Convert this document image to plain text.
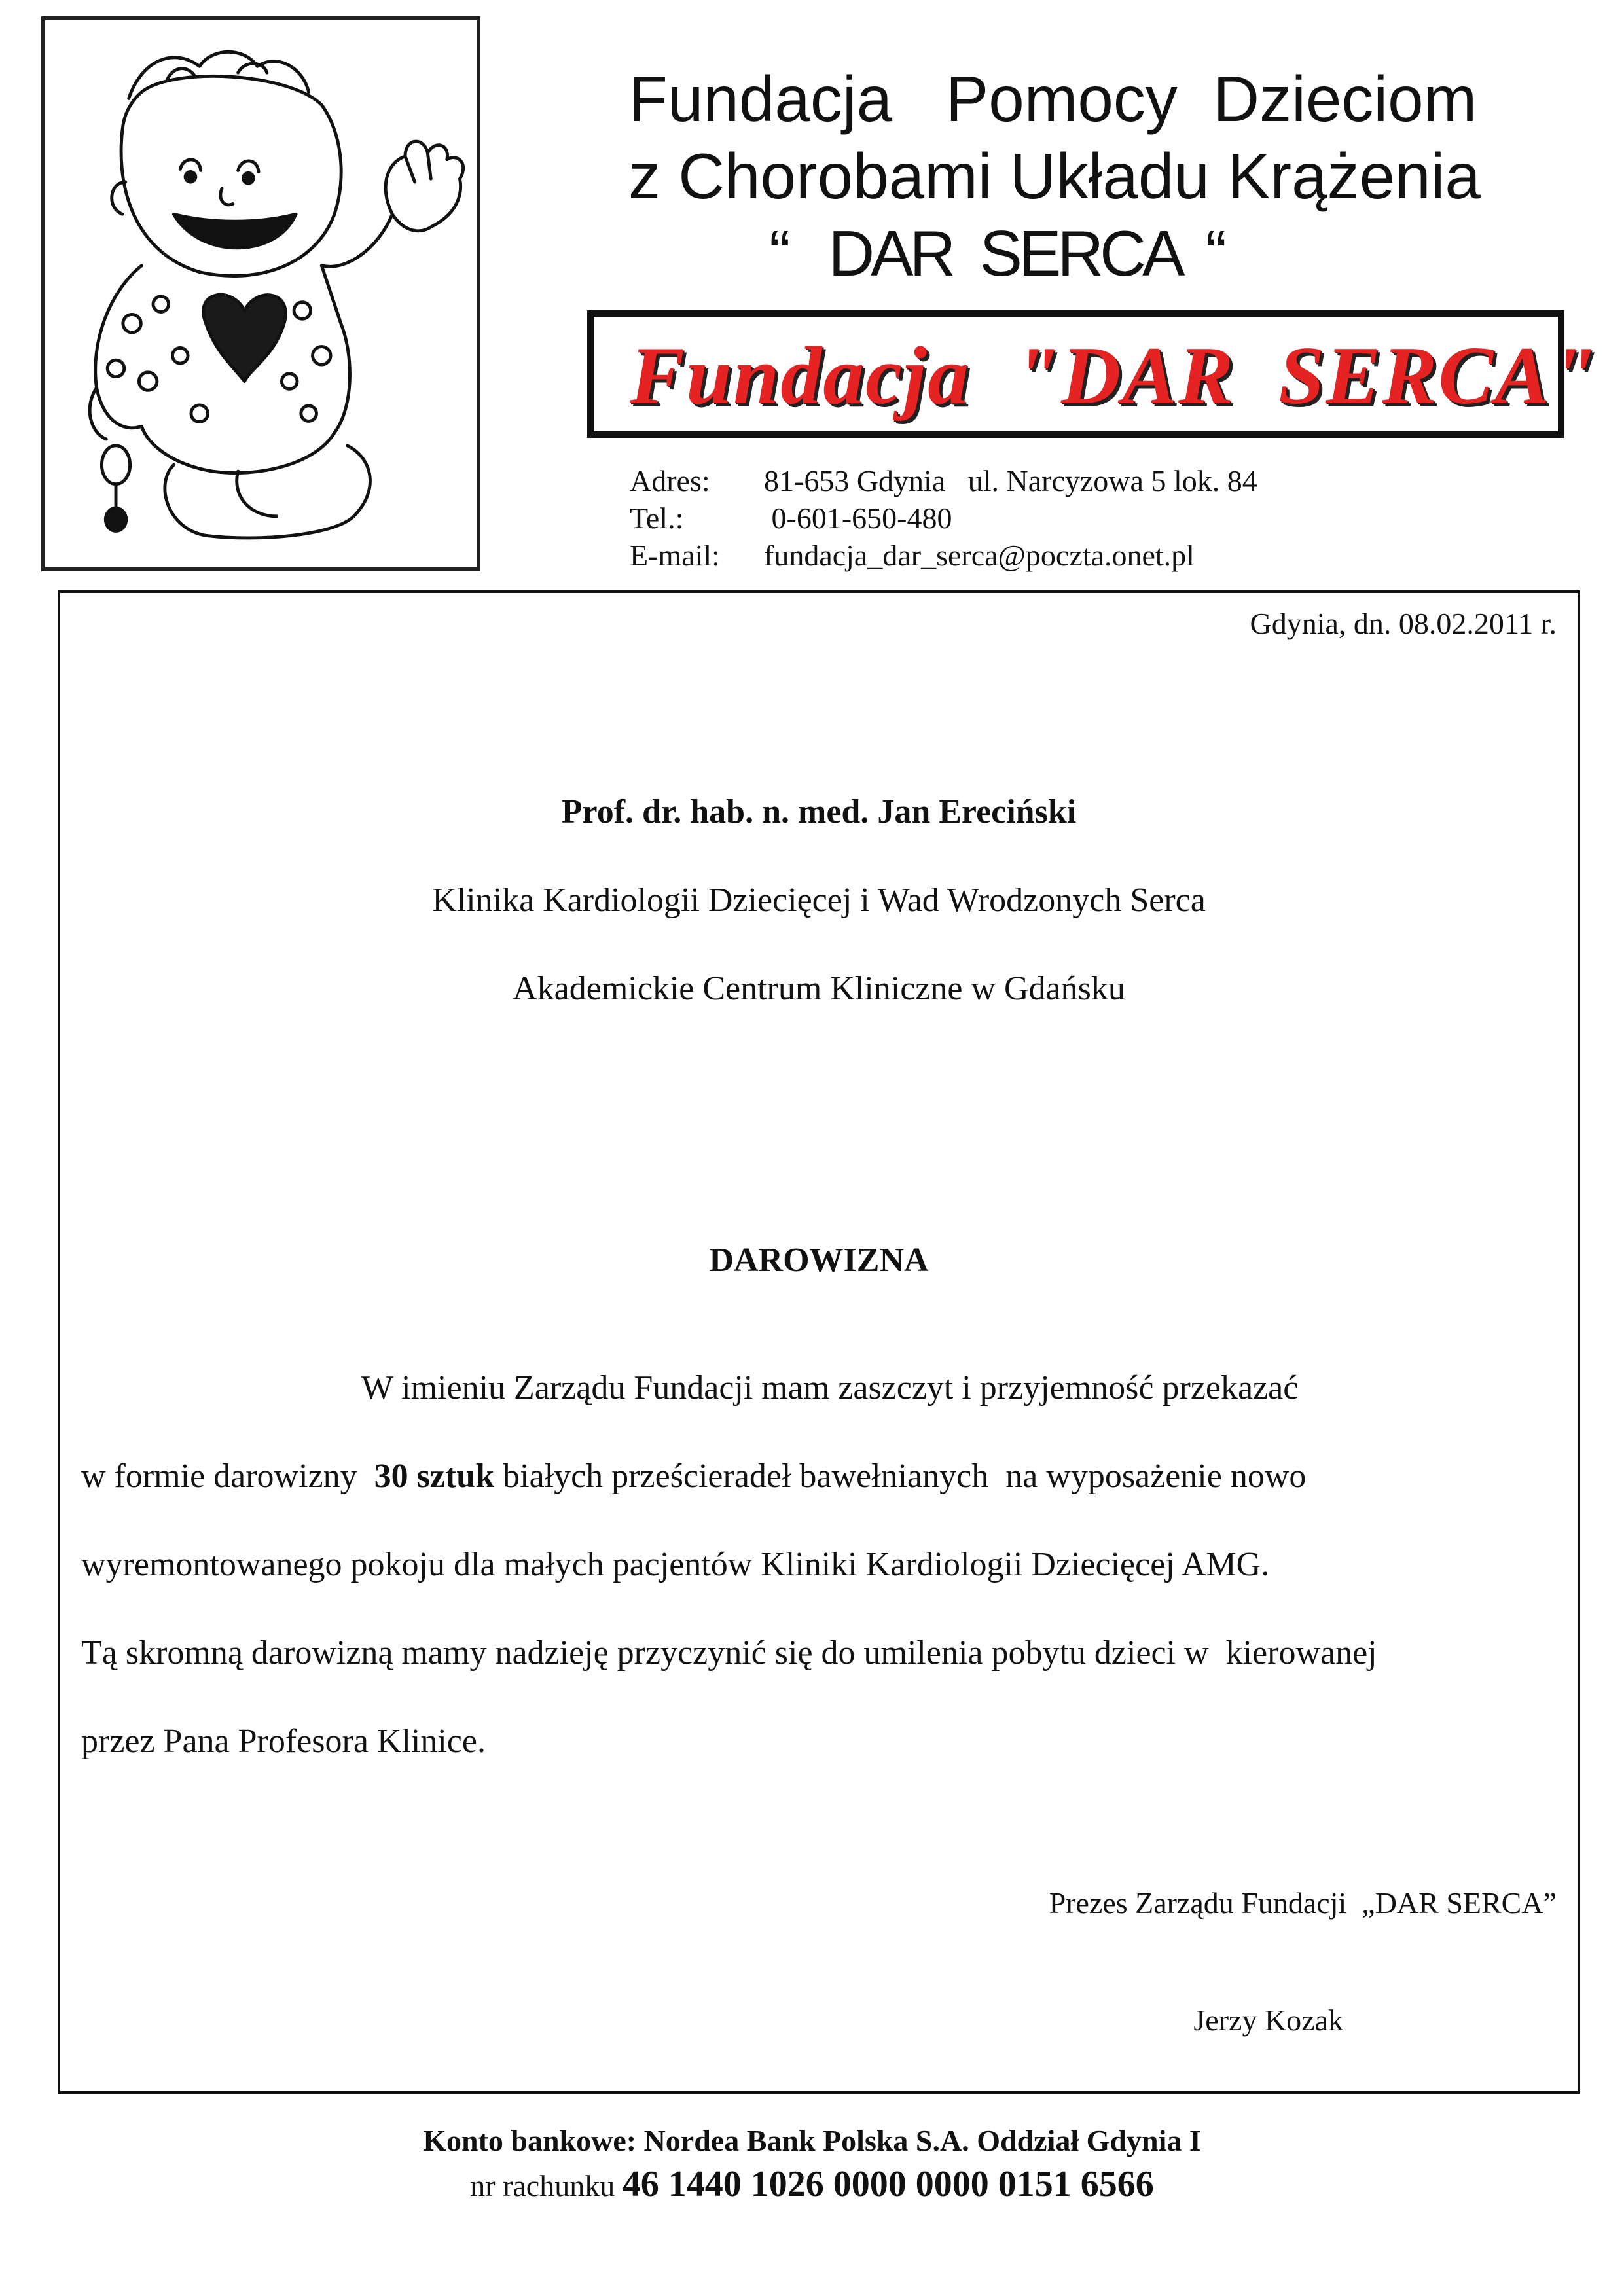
Fundacja   Pomocy  Dzieciom
z Chorobami Układu Krążenia
“   DAR  SERCA  “
Fundacja  "DAR  SERCA"
Adres:	81-653 Gdynia   ul. Narcyzowa 5 lok. 84
Tel.:	0-601-650-480
E-mail:	fundacja_dar_serca@poczta.onet.pl
Gdynia, dn. 08.02.2011 r.
Prof. dr. hab. n. med. Jan Ereciński
Klinika Kardiologii Dziecięcej i Wad Wrodzonych Serca
Akademickie Centrum Kliniczne w Gdańsku
DAROWIZNA
W imieniu Zarządu Fundacji mam zaszczyt i przyjemność przekazać
w formie darowizny  30 sztuk białych prześcieradeł bawełnianych  na wyposażenie nowo
wyremontowanego pokoju dla małych pacjentów Kliniki Kardiologii Dziecięcej AMG.
Tą skromną darowizną mamy nadzieję przyczynić się do umilenia pobytu dzieci w  kierowanej
przez Pana Profesora Klinice.
Prezes Zarządu Fundacji  „DAR SERCA”
Jerzy Kozak
Konto bankowe: Nordea Bank Polska S.A. Oddział Gdynia I
nr rachunku 46 1440 1026 0000 0000 0151 6566
